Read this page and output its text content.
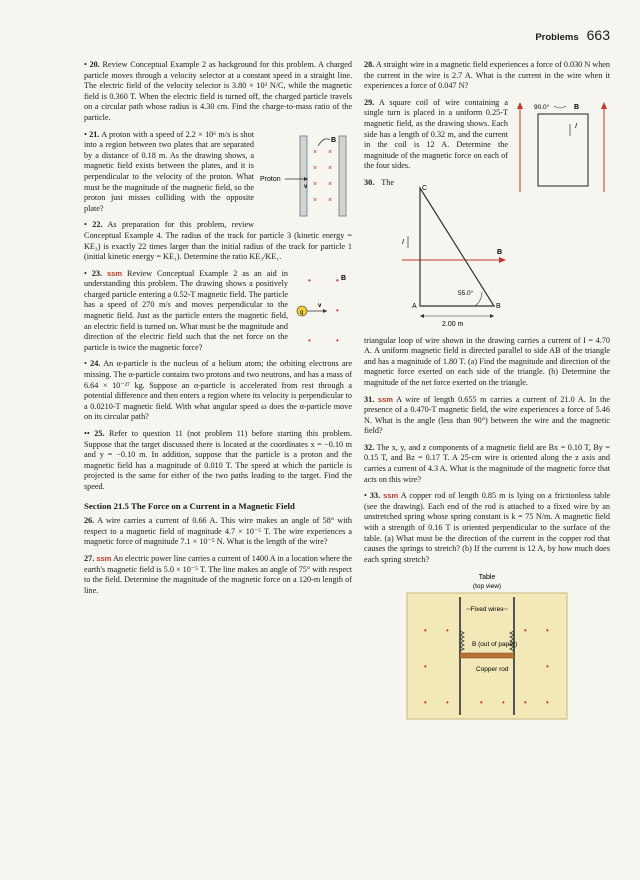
Problems 663

• 20. Review Conceptual Example 2 as background for this problem. A charged particle moves through a velocity selector at a constant speed in a straight line. The electric field of the velocity selector is 3.80 × 10³ N/C, while the magnetic field is 0.360 T. When the electric field is turned off, the charged particle travels on a circular path whose radius is 4.30 cm. Find the charge-to-mass ratio of the particle.

× ×
× ×
× ×
× ×
B
Proton
v
• 21. A proton with a speed of 2.2 × 10⁶ m/s is shot into a region between two plates that are separated by a distance of 0.18 m. As the drawing shows, a magnetic field exists between the plates, and it is perpendicular to the velocity of the proton. What must be the magnitude of the magnetic field, so the proton just misses colliding with the opposite plate?

• 22. As preparation for this problem, review Conceptual Example 4. The radius of the track for particle 3 (kinetic energy = KE₃) is exactly 22 times larger than the initial radius of the track for particle 1 (initial kinetic energy = KE₁). Determine the ratio KE₃/KE₁.

•	•
•
•	•
B
q
v
• 23. ssm Review Conceptual Example 2 as an aid in understanding this problem. The drawing shows a positively charged particle entering a 0.52-T magnetic field. The particle has a speed of 270 m/s and moves perpendicular to the magnetic field. Just as the particle enters the magnetic field, an electric field is turned on. What must be the magnitude and direction of the electric field such that the net force on the particle is twice the magnetic force?

• 24. An α-particle is the nucleus of a helium atom; the orbiting electrons are missing. The α-particle contains two protons and two neutrons, and has a mass of 6.64 × 10⁻²⁷ kg. Suppose an α-particle is accelerated from rest through a potential difference and then enters a region where its velocity is perpendicular to a 0.0210-T magnetic field. With what angular speed ω does the α-particle move on its circular path?

•• 25. Refer to question 11 (not problem 11) before starting this problem. Suppose that the target discussed there is located at the coordinates x = −0.10 m and y = −0.10 m. In addition, suppose that the particle is a proton and the magnetic field has a magnitude of 0.010 T. The speed at which the particle is projected is the same for either of the two paths leading to the target. Find the speed.

Section 21.5 The Force on a Current in a Magnetic Field

26. A wire carries a current of 0.66 A. This wire makes an angle of 58° with respect to a magnetic field of magnitude 4.7 × 10⁻⁵ T. The wire experiences a magnetic force of magnitude 7.1 × 10⁻⁵ N. What is the length of the wire?

27. ssm An electric power line carries a current of 1400 A in a location where the earth's magnetic field is 5.0 × 10⁻⁵ T. The line makes an angle of 75° with respect to the field. Determine the magnitude of the magnetic force on a 120-m length of line.

28. A straight wire in a magnetic field experiences a force of 0.030 N when the current in the wire is 2.7 A. What is the current in the wire when it experiences a force of 0.047 N?

B
90.0°
I
29. A square coil of wire containing a single turn is placed in a uniform 0.25-T magnetic field, as the drawing shows. Each side has a length of 0.32 m, and the current in the coil is 12 A. Determine the magnitude of the magnetic force on each of the four sides.

B
C
A	B
I
55.0°
2.00 m
30. The triangular loop of wire shown in the drawing carries a current of I = 4.70 A. A uniform magnetic field is directed parallel to side AB of the triangle and has a magnitude of 1.80 T. (a) Find the magnitude and direction of the magnetic force exerted on each side of the triangle. (b) Determine the magnitude of the net force exerted on the triangle.

31. ssm A wire of length 0.655 m carries a current of 21.0 A. In the presence of a 0.470-T magnetic field, the wire experiences a force of 5.46 N. What is the angle (less than 90°) between the wire and the magnetic field?

32. The x, y, and z components of a magnetic field are Bx = 0.10 T, By = 0.15 T, and Bz = 0.17 T. A 25-cm wire is oriented along the z axis and carries a current of 4.3 A. What is the magnitude of the magnetic force that acts on this wire?

• 33. ssm A copper rod of length 0.85 m is lying on a frictionless table (see the drawing). Each end of the rod is attached to a fixed wire by an unstretched spring whose spring constant is k = 75 N/m. A magnetic field with a strength of 0.16 T is oriented perpendicular to the surface of the table. (a) What must be the direction of the current in the copper rod that causes the springs to stretch? (b) If the current is 12 A, by how much does each spring stretch?

Table
(top view)
Fixed wires
B (out of paper)
Copper rod
• •	• •
•	•
• •	• • • •
